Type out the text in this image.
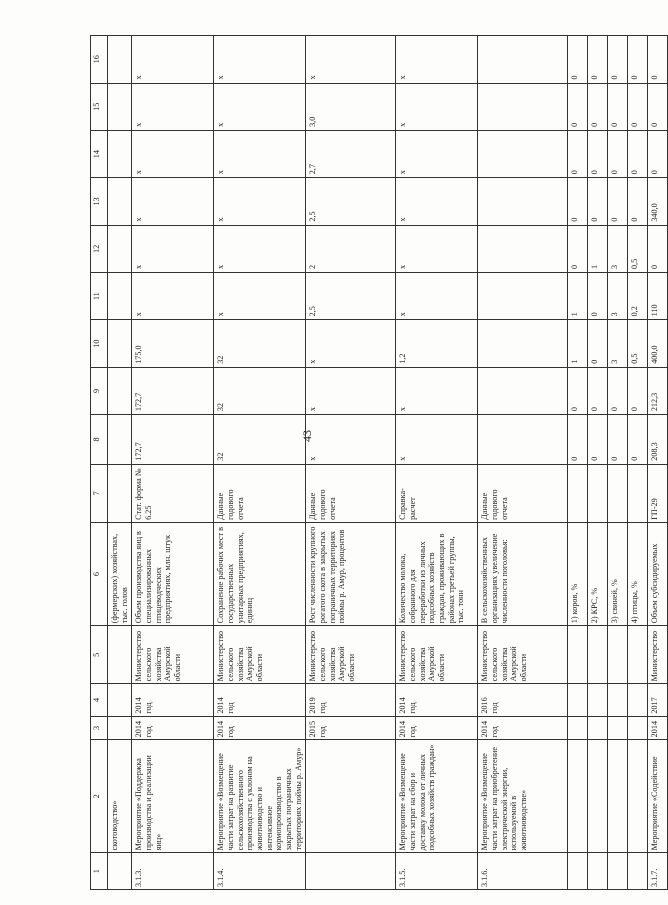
43
1	2	3	4	5	6	7	8	9	10	11	12	13	14	15	16
	скотоводство»				(фермерских) хозяйствах, тыс. голов										
3.1.3.	Мероприятие «Поддержка производства и реализации яиц»	2014 год	2014 год	Министерство сельского хозяйства Амурской области	Объем производства яиц в специализированных птицеводческих предприятиях, млн. штук	Стат. форма № 6.25	172,7	172,7	175,0	x	x	x	x	x	x
3.1.4.	Мероприятие «Возмещение части затрат на развитие сельскохозяйственного производства с уклоном на животноводство и интенсивное кормопроизводство в закрытых пограничных территориях поймы р. Амур»	2014 год	2014 год	Министерство сельского хозяйства Амурской области	Сохранение рабочих мест в государственных унитарных предприятиях, единиц	Данные годового отчета	32	32	32	x	x	x	x	x	x
		2015 год	2019 год	Министерство сельского хозяйства Амурской области	Рост численности крупного рогатого скота в закрытых пограничных территориях поймы р. Амур, процентов	Данные годового отчета	x	x	x	2,5	2	2,5	2,7	3,0	x
3.1.5.	Мероприятие «Возмещение части затрат на сбор и доставку молока от личных подсобных хозяйств граждан»	2014 год	2014 год	Министерство сельского хозяйства Амурской области	Количество молока, собранного для переработки из личных подсобных хозяйств граждан, проживающих в районах третьей группы, тыс. тонн	Справка-расчет	x	x	1,2	x	x	x	x	x	x
3.1.6.	Мероприятие «Возмещение части затрат на приобретение электрической энергии, используемой в животноводстве»	2014 год	2016 год	Министерство сельского хозяйства Амурской области	В сельскохозяйственных организациях увеличение численности поголовья:	Данные годового отчета									
					1) коров, %		0	0	1	1	0	0	0	0	0
					2) КРС, %		0	0	0	0	1	0	0	0	0
					3) свиней, %		0	0	3	3	3	0	0	0	0
					4) птицы, %		0	0	0,5	0,2	0,5	0	0	0	0
3.1.7.	Мероприятие «Содействие	2014	2017	Министерство	Объем субсидируемых	ГП-29	208,3	212,3	400,0	110	0	340,0	0	0	0
